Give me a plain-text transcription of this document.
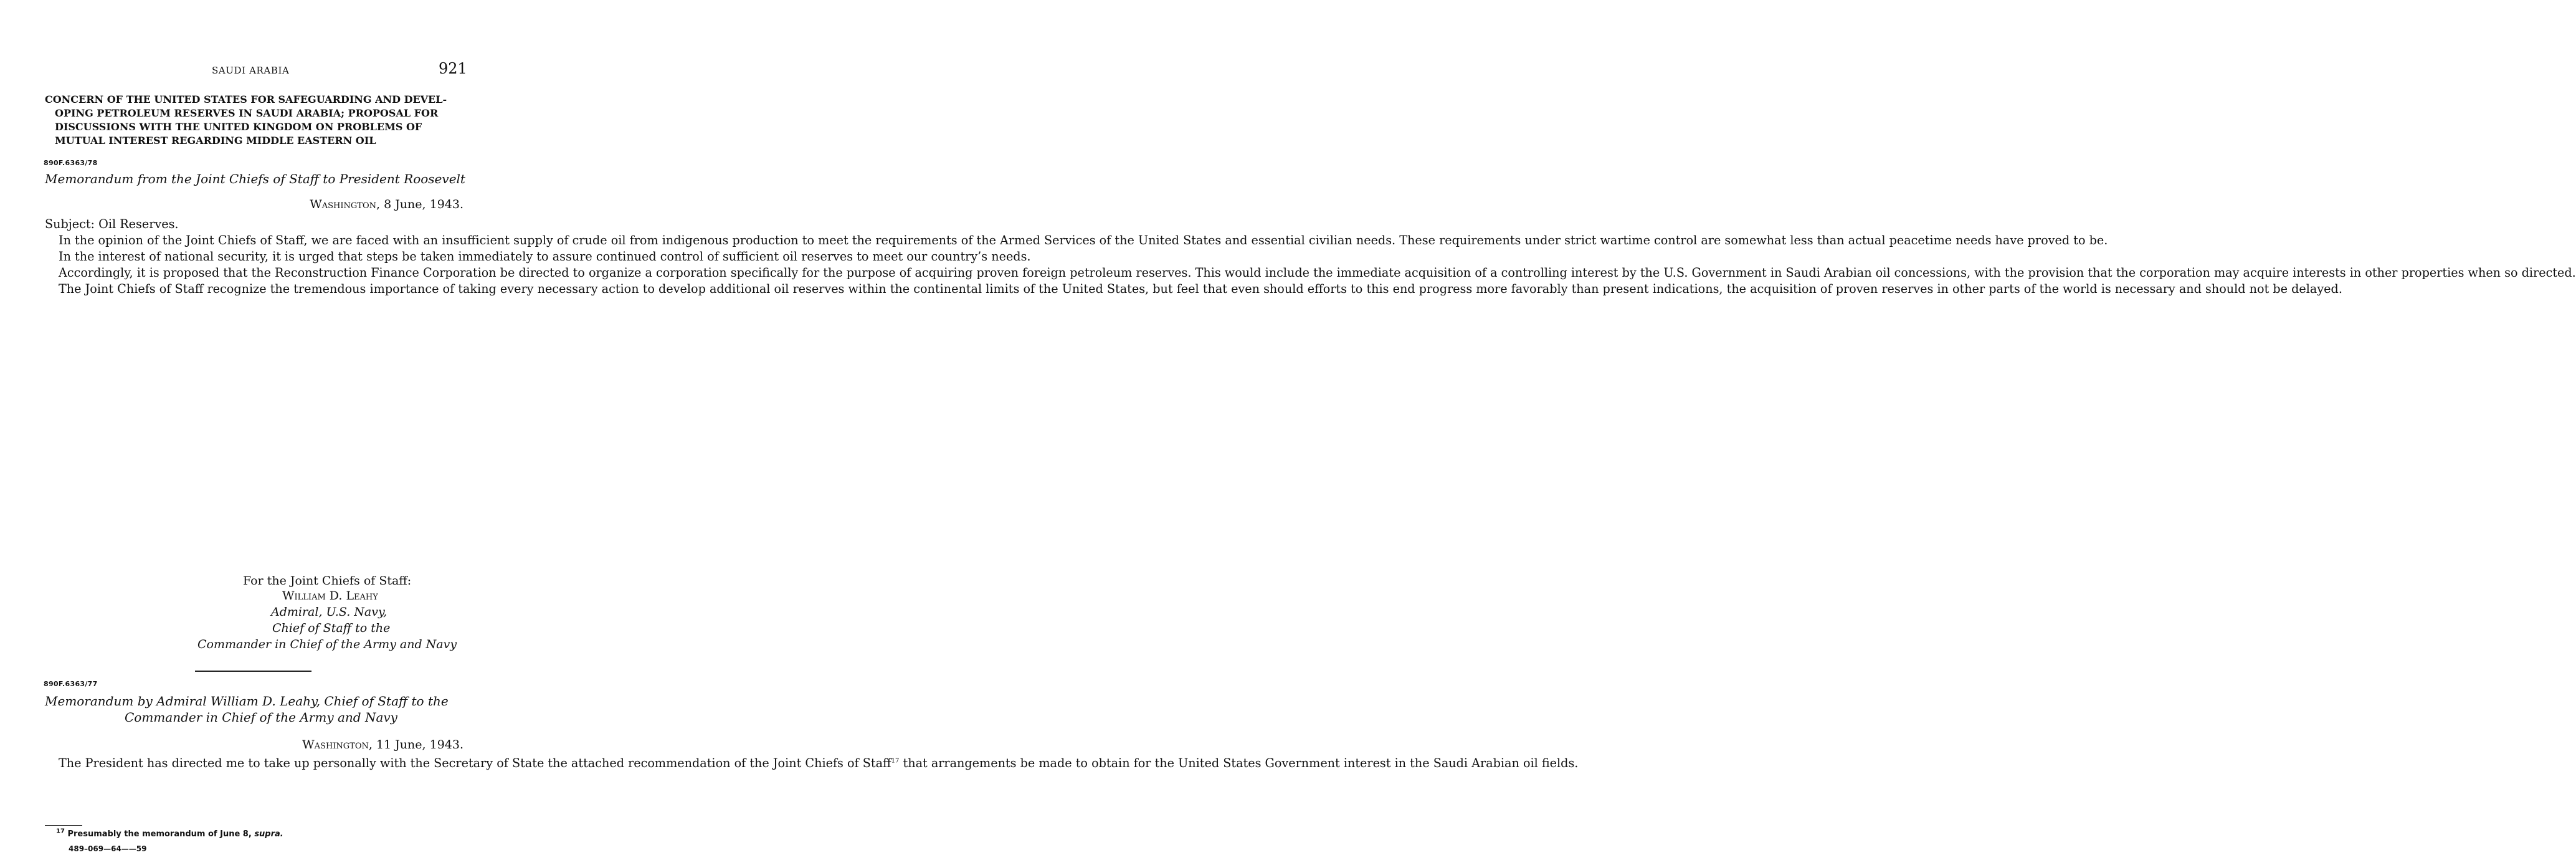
SAUDI ARABIA	921
CONCERN OF THE UNITED STATES FOR SAFEGUARDING AND DEVEL-
OPING PETROLEUM RESERVES IN SAUDI ARABIA; PROPOSAL FOR
DISCUSSIONS WITH THE UNITED KINGDOM ON PROBLEMS OF
MUTUAL INTEREST REGARDING MIDDLE EASTERN OIL
890F.6363/78
Memorandum from the Joint Chiefs of Staff to President Roosevelt
Washington, 8 June, 1943.

Subject: Oil Reserves.

In the opinion of the Joint Chiefs of Staff, we are faced with an insufficient supply of crude oil from indigenous production to meet the requirements of the Armed Services of the United States and essential civilian needs. These requirements under strict wartime control are somewhat less than actual peacetime needs have proved to be.

In the interest of national security, it is urged that steps be taken immediately to assure continued control of sufficient oil reserves to meet our country’s needs.

Accordingly, it is proposed that the Reconstruction Finance Corporation be directed to organize a corporation specifically for the purpose of acquiring proven foreign petroleum reserves. This would include the immediate acquisition of a controlling interest by the U.S. Government in Saudi Arabian oil concessions, with the provision that the corporation may acquire interests in other properties when so directed.

The Joint Chiefs of Staff recognize the tremendous importance of taking every necessary action to develop additional oil reserves within the continental limits of the United States, but feel that even should efforts to this end progress more favorably than present indications, the acquisition of proven reserves in other parts of the world is necessary and should not be delayed.

For the Joint Chiefs of Staff:
William D. Leahy
Admiral, U.S. Navy,
Chief of Staff to the
Commander in Chief of the Army and Navy
890F.6363/77
Memorandum by Admiral William D. Leahy, Chief of Staff to the
Commander in Chief of the Army and Navy
Washington, 11 June, 1943.

The President has directed me to take up personally with the Secretary of State the attached recommendation of the Joint Chiefs of Staff$^{17}$ that arrangements be made to obtain for the United States Government interest in the Saudi Arabian oil fields.

$^{17}$ Presumably the memorandum of June 8, supra.
489–069—64——59
